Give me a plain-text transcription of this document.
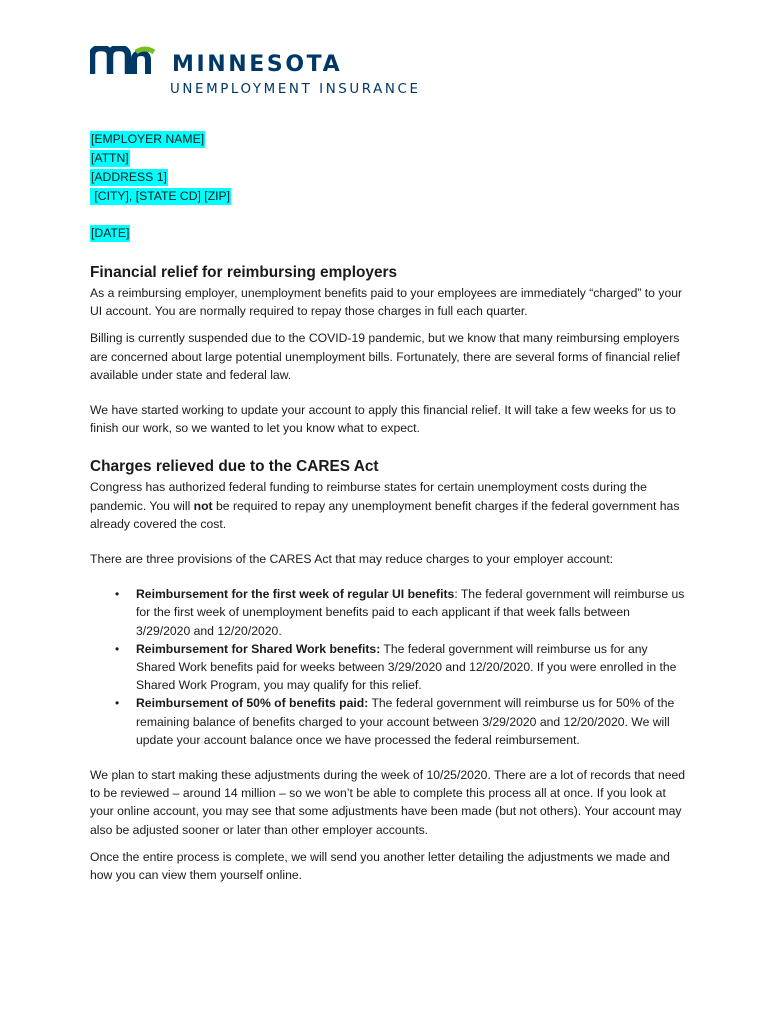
MINNESOTA
UNEMPLOYMENT INSURANCE
[EMPLOYER NAME]
[ATTN]
[ADDRESS 1]
[CITY], [STATE CD] [ZIP]
[DATE]
Financial relief for reimbursing employers

As a reimbursing employer, unemployment benefits paid to your employees are immediately “charged” to your UI account. You are normally required to repay those charges in full each quarter.

Billing is currently suspended due to the COVID-19 pandemic, but we know that many reimbursing employers are concerned about large potential unemployment bills. Fortunately, there are several forms of financial relief available under state and federal law.

We have started working to update your account to apply this financial relief. It will take a few weeks for us to finish our work, so we wanted to let you know what to expect.

Charges relieved due to the CARES Act

Congress has authorized federal funding to reimburse states for certain unemployment costs during the pandemic. You will not be required to repay any unemployment benefit charges if the federal government has already covered the cost.

There are three provisions of the CARES Act that may reduce charges to your employer account:

• Reimbursement for the first week of regular UI benefits: The federal government will reimburse us for the first week of unemployment benefits paid to each applicant if that week falls between 3/29/2020 and 12/20/2020.
• Reimbursement for Shared Work benefits: The federal government will reimburse us for any Shared Work benefits paid for weeks between 3/29/2020 and 12/20/2020. If you were enrolled in the Shared Work Program, you may qualify for this relief.
• Reimbursement of 50% of benefits paid: The federal government will reimburse us for 50% of the remaining balance of benefits charged to your account between 3/29/2020 and 12/20/2020. We will update your account balance once we have processed the federal reimbursement.

We plan to start making these adjustments during the week of 10/25/2020. There are a lot of records that need to be reviewed – around 14 million – so we won’t be able to complete this process all at once. If you look at your online account, you may see that some adjustments have been made (but not others). Your account may also be adjusted sooner or later than other employer accounts.

Once the entire process is complete, we will send you another letter detailing the adjustments we made and how you can view them yourself online.
